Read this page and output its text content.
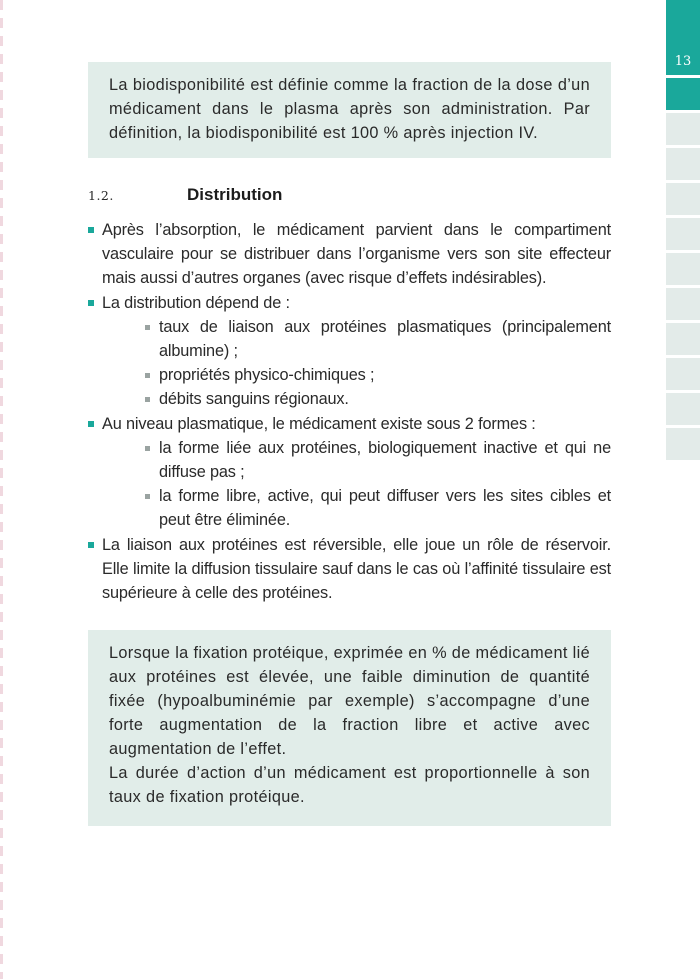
13

La biodisponibilité est définie comme la fraction de la dose d’un médicament dans le plasma après son administration. Par définition, la biodisponibilité est 100 % après injection IV.

1.2.	Distribution
Après l’absorption, le médicament parvient dans le compartiment vasculaire pour se distribuer dans l’organisme vers son site effecteur mais aussi d’autres organes (avec risque d’effets indésirables).
La distribution dépend de :
taux de liaison aux protéines plasmatiques (principalement albumine) ;
propriétés physico-chimiques ;
débits sanguins régionaux.
Au niveau plasmatique, le médicament existe sous 2 formes :
la forme liée aux protéines, biologiquement inactive et qui ne diffuse pas ;
la forme libre, active, qui peut diffuser vers les sites cibles et peut être éliminée.
La liaison aux protéines est réversible, elle joue un rôle de réservoir. Elle limite la diffusion tissulaire sauf dans le cas où l’affinité tissulaire est supérieure à celle des protéines.

Lorsque la fixation protéique, exprimée en % de médicament lié aux protéines est élevée, une faible diminution de quantité fixée (hypoalbuminémie par exemple) s’accompagne d’une forte augmentation de la fraction libre et active avec augmentation de l’effet.

La durée d’action d’un médicament est proportionnelle à son taux de fixation protéique.
